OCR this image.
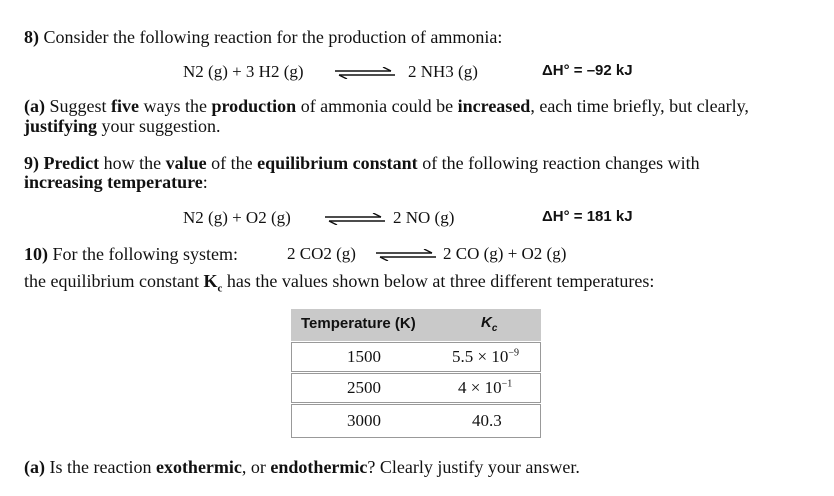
8) Consider the following reaction for the production of ammonia:
N2 (g) + 3 H2 (g)	2 NH3 (g)	ΔH° = –92 kJ
(a) Suggest five ways the production of ammonia could be increased, each time briefly, but clearly,
justifying your suggestion.
9) Predict how the value of the equilibrium constant of the following reaction changes with
increasing temperature:
N2 (g) + O2 (g)	2 NO (g)	ΔH° = 181 kJ
10) For the following system:	2 CO2 (g)	2 CO (g) + O2 (g)
the equilibrium constant $K_c$ has the values shown below at three different temperatures:
Temperature (K)	$K_c$
1500	$5.5 \times 10^{-9}$
2500	$4 \times 10^{-1}$
3000	40.3
(a) Is the reaction exothermic, or endothermic? Clearly justify your answer.
